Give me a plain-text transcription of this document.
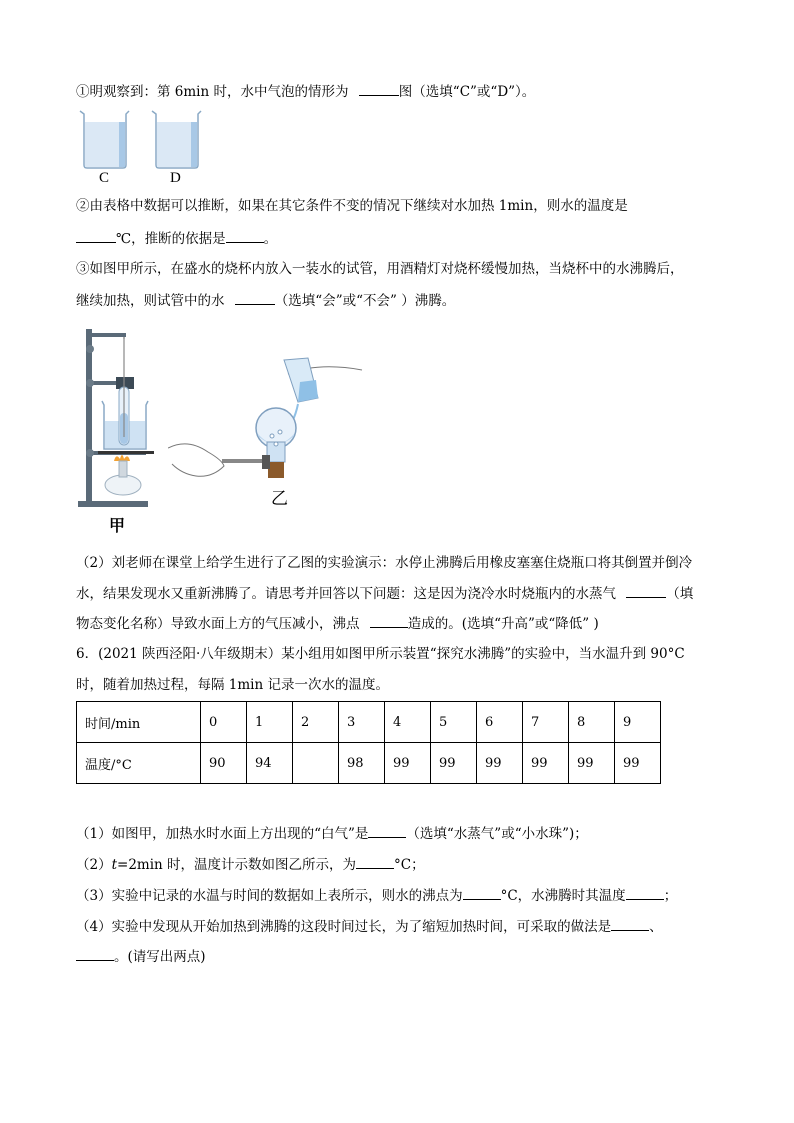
①明观察到：第 6min 时，水中气泡的情形为	图（选填“C”或“D”）。
C	D
②由表格中数据可以推断，如果在其它条件不变的情况下继续对水加热 1min，则水的温度是
℃，推断的依据是	。
③如图甲所示，在盛水的烧杯内放入一装水的试管，用酒精灯对烧杯缓慢加热，当烧杯中的水沸腾后，
继续加热，则试管中的水	（选填“会”或“不会” ）沸腾。
甲
乙
（2）刘老师在课堂上给学生进行了乙图的实验演示：水停止沸腾后用橡皮塞塞住烧瓶口将其倒置并倒冷
水，结果发现水又重新沸腾了。请思考并回答以下问题：这是因为浇冷水时烧瓶内的水蒸气	（填
物态变化名称）导致水面上方的气压减小，沸点	造成的。(选填“升高”或“降低” )
6．(2021 陕西泾阳·八年级期末）某小组用如图甲所示装置“探究水沸腾”的实验中，当水温升到 90°C
时，随着加热过程，每隔 1min 记录一次水的温度。
时间/min	0	1	2	3	4	5	6	7	8	9
温度/°C	90	94		98	99	99	99	99	99	99
（1）如图甲，加热水时水面上方出现的“白气”是	（选填“水蒸气”或“小水珠”)；
（2）t=2min 时，温度计示数如图乙所示，为	°C；
（3）实验中记录的水温与时间的数据如上表所示，则水的沸点为	°C，水沸腾时其温度	；
（4）实验中发现从开始加热到沸腾的这段时间过长，为了缩短加热时间，可采取的做法是	、
。(请写出两点)
